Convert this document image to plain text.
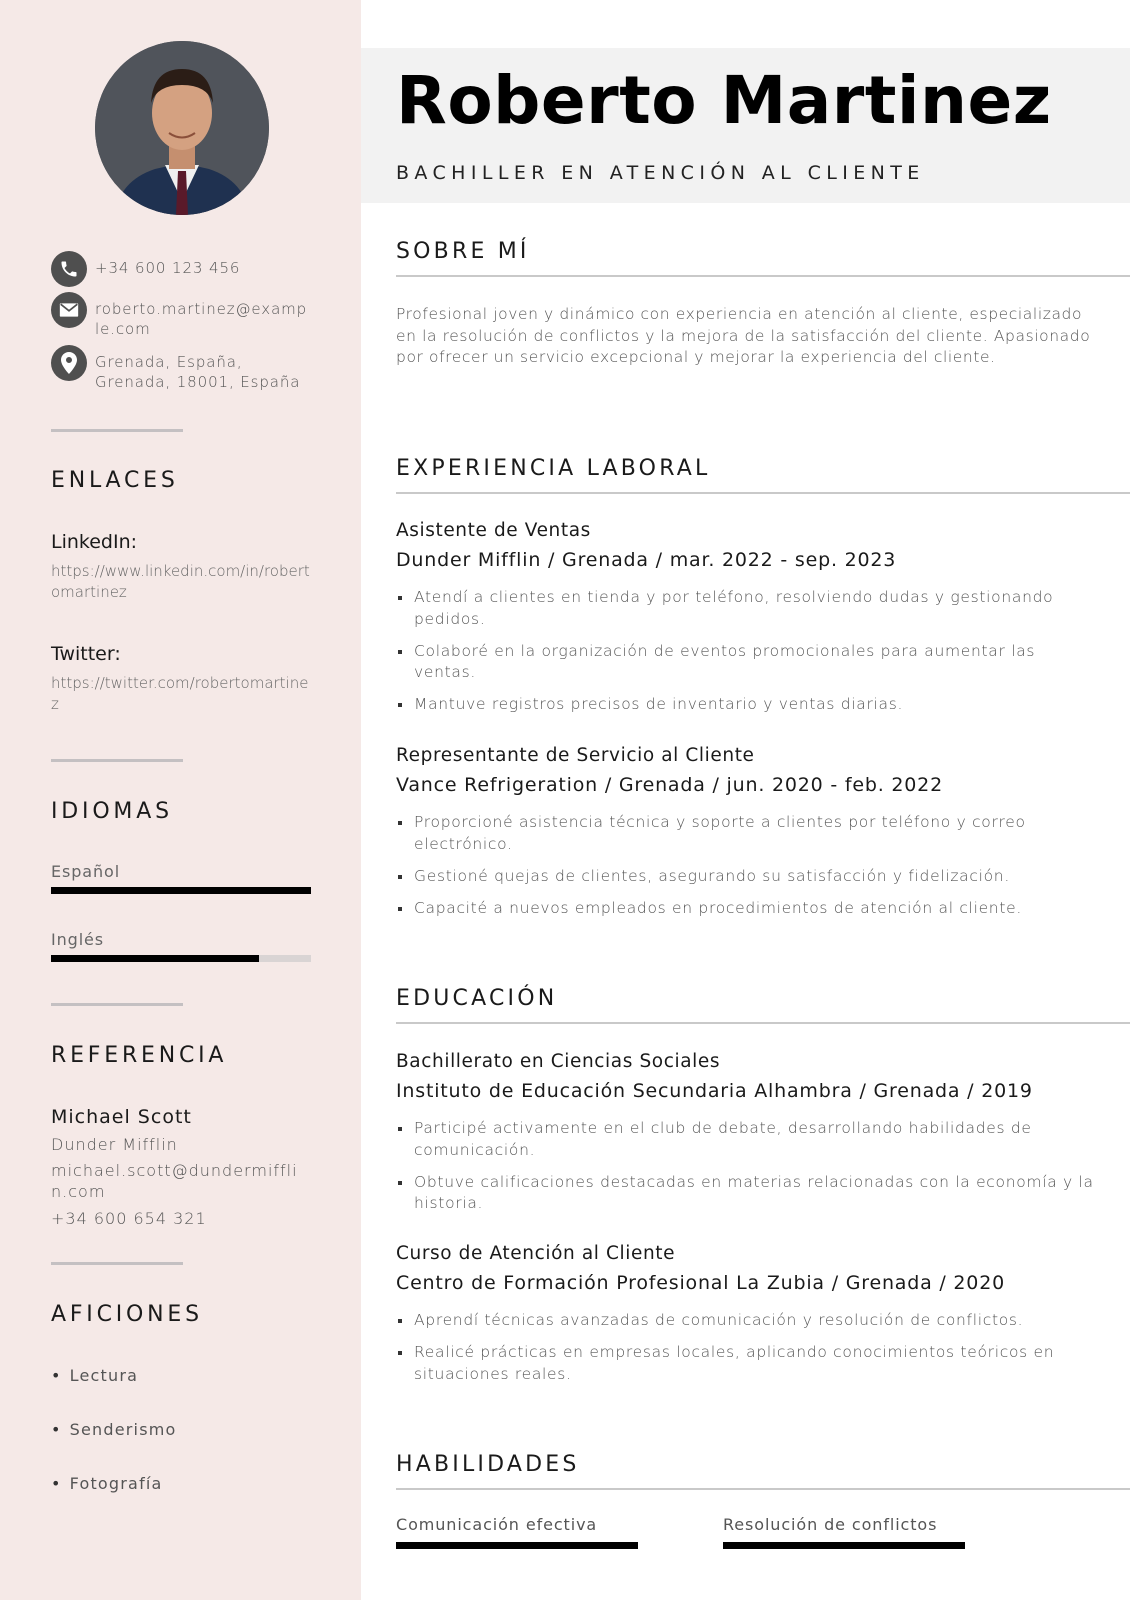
+34 600 123 456
roberto.martinez@example.com
Grenada, España, Grenada, 18001, España
ENLACES
LinkedIn:
https://www.linkedin.com/in/robertomartinez
Twitter:
https://twitter.com/robertomartinez
IDIOMAS
Español
Inglés
REFERENCIA
Michael Scott
Dunder Mifflin
michael.scott@dundermifflin.com
+34 600 654 321
AFICIONES
• Lectura
• Senderismo
• Fotografía
Roberto Martinez
BACHILLER EN ATENCIÓN AL CLIENTE
SOBRE MÍ

Profesional joven y dinámico con experiencia en atención al cliente, especializado en la resolución de conflictos y la mejora de la satisfacción del cliente. Apasionado por ofrecer un servicio excepcional y mejorar la experiencia del cliente.

EXPERIENCIA LABORAL
Asistente de Ventas
Dunder Mifflin / Grenada / mar. 2022 - sep. 2023
Atendí a clientes en tienda y por teléfono, resolviendo dudas y gestionando pedidos.
Colaboré en la organización de eventos promocionales para aumentar las ventas.
Mantuve registros precisos de inventario y ventas diarias.
Representante de Servicio al Cliente
Vance Refrigeration / Grenada / jun. 2020 - feb. 2022
Proporcioné asistencia técnica y soporte a clientes por teléfono y correo electrónico.
Gestioné quejas de clientes, asegurando su satisfacción y fidelización.
Capacité a nuevos empleados en procedimientos de atención al cliente.
EDUCACIÓN
Bachillerato en Ciencias Sociales
Instituto de Educación Secundaria Alhambra / Grenada / 2019
Participé activamente en el club de debate, desarrollando habilidades de comunicación.
Obtuve calificaciones destacadas en materias relacionadas con la economía y la historia.
Curso de Atención al Cliente
Centro de Formación Profesional La Zubia / Grenada / 2020
Aprendí técnicas avanzadas de comunicación y resolución de conflictos.
Realicé prácticas en empresas locales, aplicando conocimientos teóricos en situaciones reales.
HABILIDADES
Comunicación efectiva	Resolución de conflictos
